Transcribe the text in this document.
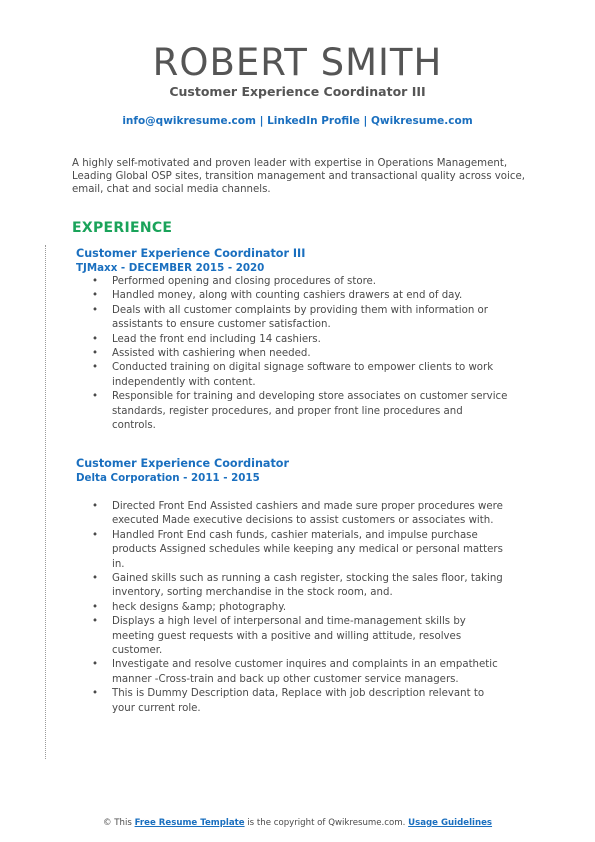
ROBERT SMITH
Customer Experience Coordinator III
info@qwikresume.com | LinkedIn Profile | Qwikresume.com
A highly self-motivated and proven leader with expertise in Operations Management, Leading Global OSP sites, transition management and transactional quality across voice, email, chat and social media channels.
EXPERIENCE
Customer Experience Coordinator III
TJMaxx - DECEMBER 2015 - 2020
• Performed opening and closing procedures of store.
• Handled money, along with counting cashiers drawers at end of day.
• Deals with all customer complaints by providing them with information or assistants to ensure customer satisfaction.
• Lead the front end including 14 cashiers.
• Assisted with cashiering when needed.
• Conducted training on digital signage software to empower clients to work independently with content.
• Responsible for training and developing store associates on customer service standards, register procedures, and proper front line procedures and controls.
Customer Experience Coordinator
Delta Corporation - 2011 - 2015
• Directed Front End Assisted cashiers and made sure proper procedures were executed Made executive decisions to assist customers or associates with.
• Handled Front End cash funds, cashier materials, and impulse purchase products Assigned schedules while keeping any medical or personal matters in.
• Gained skills such as running a cash register, stocking the sales floor, taking inventory, sorting merchandise in the stock room, and.
• heck designs &amp; photography.
• Displays a high level of interpersonal and time-management skills by meeting guest requests with a positive and willing attitude, resolves customer.
• Investigate and resolve customer inquires and complaints in an empathetic manner -Cross-train and back up other customer service managers.
• This is Dummy Description data, Replace with job description relevant to your current role.
© This Free Resume Template is the copyright of Qwikresume.com. Usage Guidelines
